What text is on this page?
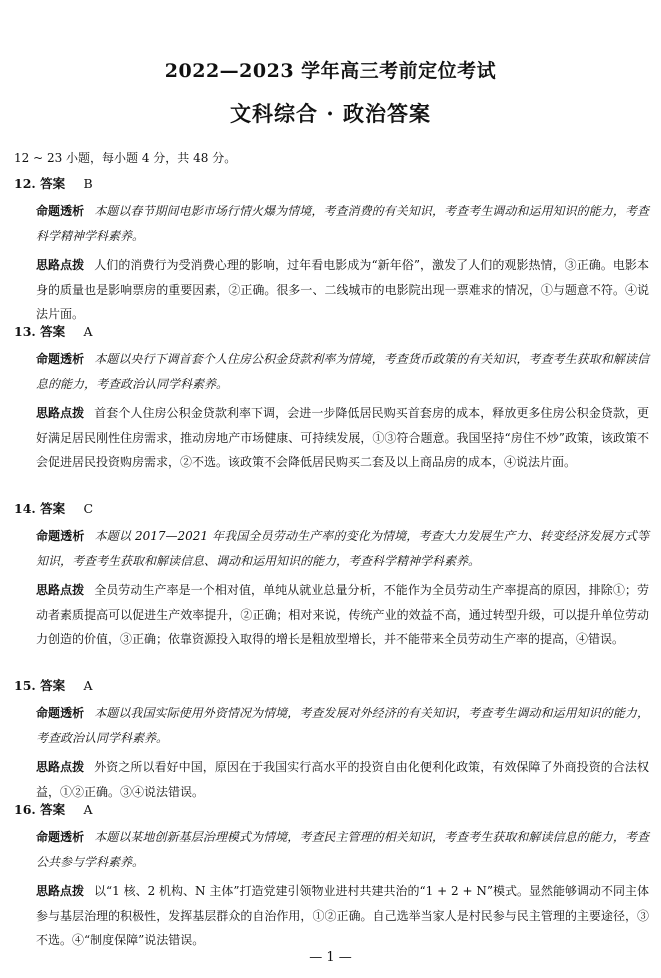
2022—2023 学年高三考前定位考试
文科综合 · 政治答案
12 ~ 23 小题，每小题 4 分，共 48 分。
12. 答案 B
命题透析 本题以春节期间电影市场行情火爆为情境，考查消费的有关知识，考查考生调动和运用知识的能力，考查科学精神学科素养。
思路点拨 人们的消费行为受消费心理的影响，过年看电影成为“新年俗”，激发了人们的观影热情，③正确。电影本身的质量也是影响票房的重要因素，②正确。很多一、二线城市的电影院出现一票难求的情况，①与题意不符。④说法片面。
13. 答案 A
命题透析 本题以央行下调首套个人住房公积金贷款利率为情境，考查货币政策的有关知识，考查考生获取和解读信息的能力，考查政治认同学科素养。
思路点拨 首套个人住房公积金贷款利率下调，会进一步降低居民购买首套房的成本，释放更多住房公积金贷款，更好满足居民刚性住房需求，推动房地产市场健康、可持续发展，①③符合题意。我国坚持“房住不炒”政策，该政策不会促进居民投资购房需求，②不选。该政策不会降低居民购买二套及以上商品房的成本，④说法片面。
14. 答案 C
命题透析 本题以 2017—2021 年我国全员劳动生产率的变化为情境，考查大力发展生产力、转变经济发展方式等知识，考查考生获取和解读信息、调动和运用知识的能力，考查科学精神学科素养。
思路点拨 全员劳动生产率是一个相对值，单纯从就业总量分析，不能作为全员劳动生产率提高的原因，排除①；劳动者素质提高可以促进生产效率提升，②正确；相对来说，传统产业的效益不高，通过转型升级，可以提升单位劳动力创造的价值，③正确；依靠资源投入取得的增长是粗放型增长，并不能带来全员劳动生产率的提高，④错误。
15. 答案 A
命题透析 本题以我国实际使用外资情况为情境，考查发展对外经济的有关知识，考查考生调动和运用知识的能力，考查政治认同学科素养。
思路点拨 外资之所以看好中国，原因在于我国实行高水平的投资自由化便利化政策，有效保障了外商投资的合法权益，①②正确。③④说法错误。
16. 答案 A
命题透析 本题以某地创新基层治理模式为情境，考查民主管理的相关知识，考查考生获取和解读信息的能力，考查公共参与学科素养。
思路点拨 以“1 核、2 机构、N 主体”打造党建引领物业进村共建共治的“1 + 2 + N”模式。显然能够调动不同主体参与基层治理的积极性，发挥基层群众的自治作用，①②正确。自己选举当家人是村民参与民主管理的主要途径，③不选。④“制度保障”说法错误。
— 1 —
